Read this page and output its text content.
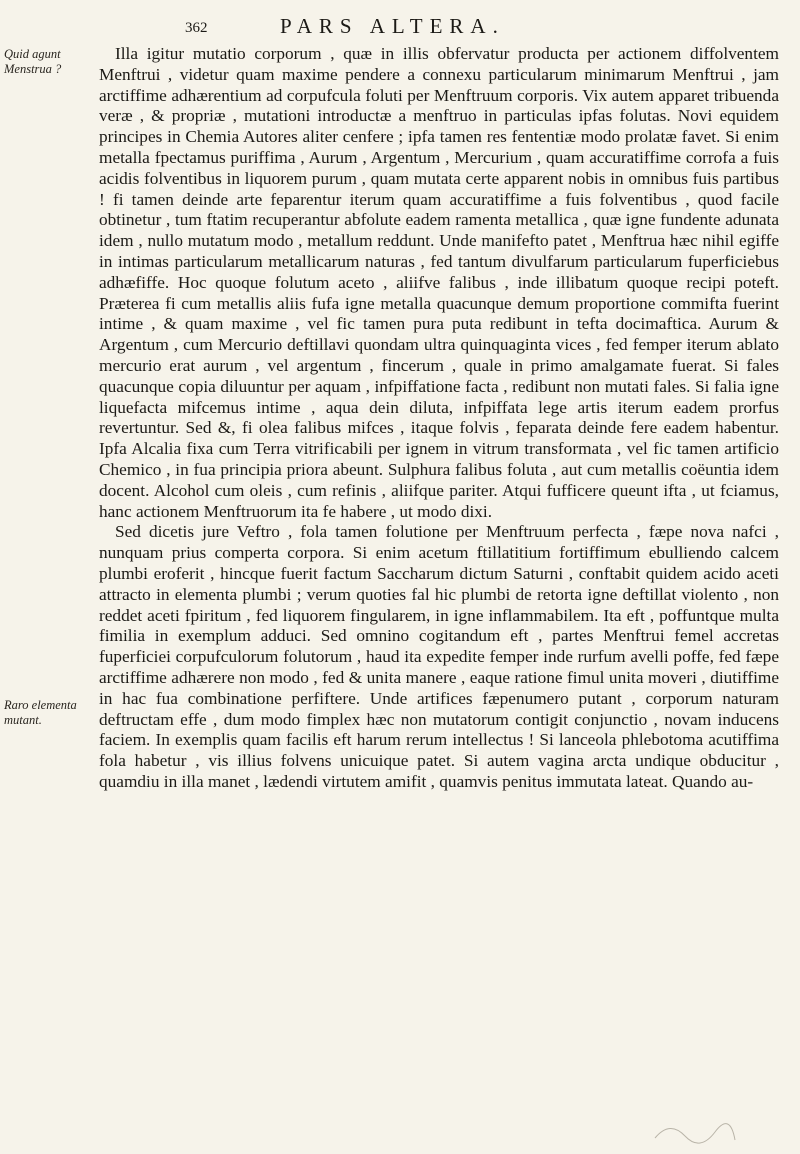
362	PARS ALTERA.
Quid agunt Menstrua ?
Raro elementa mutant.

Illa igitur mutatio corporum , quæ in illis obfervatur producta per actionem diffolventem Menftrui , videtur quam maxime pendere a connexu particularum minimarum Menftrui , jam arctiffime adhærentium ad corpufcula foluti per Menftruum corporis. Vix autem apparet tribuenda veræ , & propriæ , mutationi introductæ a menftruo in particulas ipfas folutas. Novi equidem principes in Chemia Autores aliter cenfere ; ipfa tamen res fententiæ modo prolatæ favet. Si enim metalla fpectamus puriffima , Aurum , Argentum , Mercurium , quam accuratiffime corrofa a fuis acidis folventibus in liquorem purum , quam mutata certe apparent nobis in omnibus fuis partibus ! fi tamen deinde arte feparentur iterum quam accuratiffime a fuis folventibus , quod facile obtinetur , tum ftatim recuperantur abfolute eadem ramenta metallica , quæ igne fundente adunata idem , nullo mutatum modo , metallum reddunt. Unde manifefto patet , Menftrua hæc nihil egiffe in intimas particularum metallicarum naturas , fed tantum divulfarum particularum fuperficiebus adhæfiffe. Hoc quoque folutum aceto , aliifve falibus , inde illibatum quoque recipi poteft. Præterea fi cum metallis aliis fufa igne metalla quacunque demum proportione commifta fuerint intime , & quam maxime , vel fic tamen pura puta redibunt in tefta docimaftica. Aurum & Argentum , cum Mercurio deftillavi quondam ultra quinquaginta vices , fed femper iterum ablato mercurio erat aurum , vel argentum , fincerum , quale in primo amalgamate fuerat. Si fales quacunque copia diluuntur per aquam , infpiffatione facta , redibunt non mutati fales. Si falia igne liquefacta mifcemus intime , aqua dein diluta, infpiffata lege artis iterum eadem prorfus revertuntur. Sed &, fi olea falibus mifces , itaque folvis , feparata deinde fere eadem habentur. Ipfa Alcalia fixa cum Terra vitrificabili per ignem in vitrum transformata , vel fic tamen artificio Chemico , in fua principia priora abeunt. Sulphura falibus foluta , aut cum metallis coëuntia idem docent. Alcohol cum oleis , cum refinis , aliifque pariter. Atqui fufficere queunt ifta , ut fciamus, hanc actionem Menftruorum ita fe habere , ut modo dixi.

Sed dicetis jure Veftro , fola tamen folutione per Menftruum perfecta , fæpe nova nafci , nunquam prius comperta corpora. Si enim acetum ftillatitium fortiffimum ebulliendo calcem plumbi eroferit , hincque fuerit factum Saccharum dictum Saturni , conftabit quidem acido aceti attracto in elementa plumbi ; verum quoties fal hic plumbi de retorta igne deftillat violento , non reddet aceti fpiritum , fed liquorem fingularem, in igne inflammabilem. Ita eft , poffuntque multa fimilia in exemplum adduci. Sed omnino cogitandum eft , partes Menftrui femel accretas fuperficiei corpufculorum folutorum , haud ita expedite femper inde rurfum avelli poffe, fed fæpe arctiffime adhærere non modo , fed & unita manere , eaque ratione fimul unita moveri , diutiffime in hac fua combinatione perfiftere. Unde artifices fæpenumero putant , corporum naturam deftructam effe , dum modo fimplex hæc non mutatorum contigit conjunctio , novam inducens faciem. In exemplis quam facilis eft harum rerum intellectus ! Si lanceola phlebotoma acutiffima fola habetur , vis illius folvens unicuique patet. Si autem vagina arcta undique obducitur , quamdiu in illa manet , lædendi virtutem amifit , quamvis penitus immutata lateat. Quando au-
